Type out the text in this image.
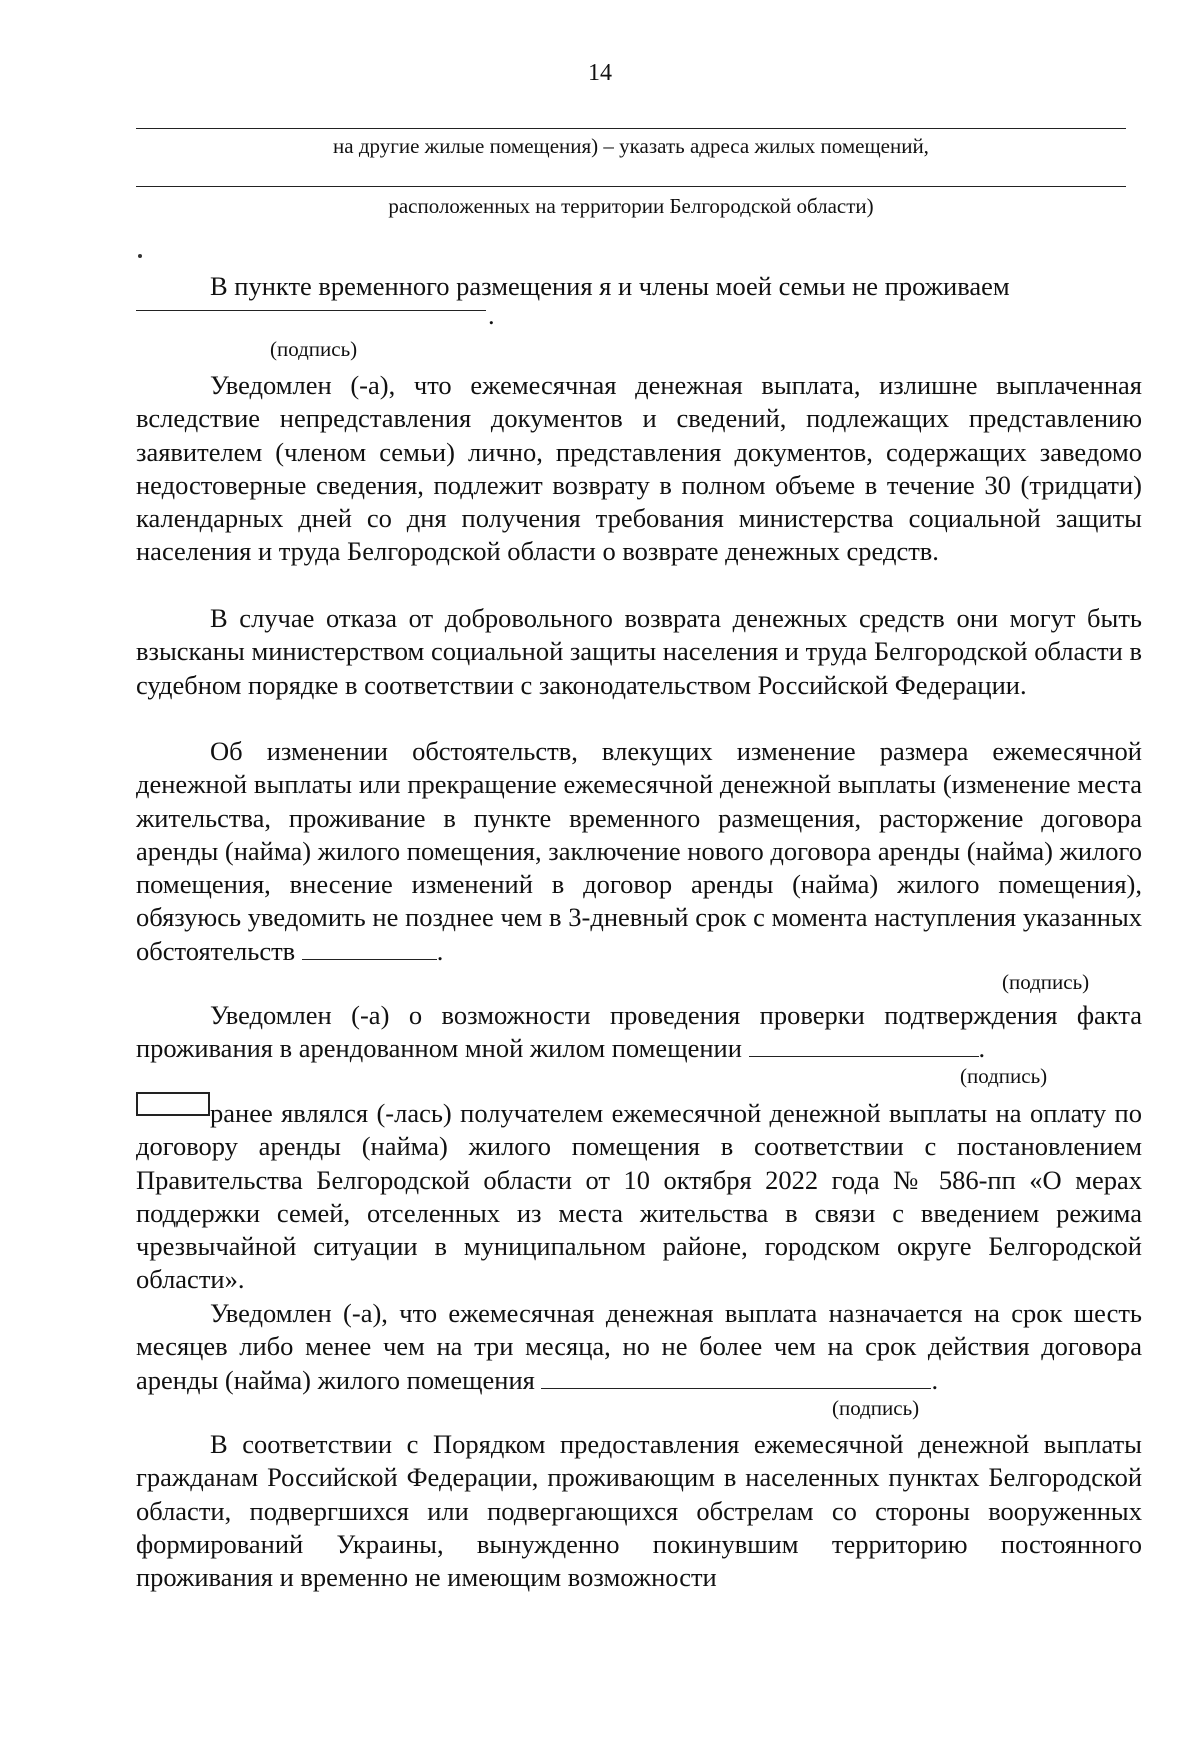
14
на другие жилые помещения) – указать адреса жилых помещений,
расположенных на территории Белгородской области)
В пункте временного размещения я и члены моей семьи не проживаем
.
(подпись)
Уведомлен (-а), что ежемесячная денежная выплата, излишне выплаченная вследствие непредставления документов и сведений, подлежащих представлению заявителем (членом семьи) лично, представления документов, содержащих заведомо недостоверные сведения, подлежит возврату в полном объеме в течение 30 (тридцати) календарных дней со дня получения требования министерства социальной защиты населения и труда Белгородской области о возврате денежных средств.
В случае отказа от добровольного возврата денежных средств они могут быть взысканы министерством социальной защиты населения и труда Белгородской области в судебном порядке в соответствии с законодательством Российской Федерации.
Об изменении обстоятельств, влекущих изменение размера ежемесячной денежной выплаты или прекращение ежемесячной денежной выплаты (изменение места жительства, проживание в пункте временного размещения, расторжение договора аренды (найма) жилого помещения, заключение нового договора аренды (найма) жилого помещения, внесение изменений в договор аренды (найма) жилого помещения), обязуюсь уведомить не позднее чем в 3-дневный срок с момента наступления указанных обстоятельств	.
(подпись)
Уведомлен (-а) о возможности проведения проверки подтверждения факта проживания в арендованном мной жилом помещении	.
(подпись)
ранее являлся (-лась) получателем ежемесячной денежной выплаты на оплату по договору аренды (найма) жилого помещения в соответствии с постановлением Правительства Белгородской области от 10 октября 2022 года № 586-пп «О мерах поддержки семей, отселенных из места жительства в связи с введением режима чрезвычайной ситуации в муниципальном районе, городском округе Белгородской области».
Уведомлен (-а), что ежемесячная денежная выплата назначается на срок шесть месяцев либо менее чем на три месяца, но не более чем на срок действия договора аренды (найма) жилого помещения	.
(подпись)
В соответствии с Порядком предоставления ежемесячной денежной выплаты гражданам Российской Федерации, проживающим в населенных пунктах Белгородской области, подвергшихся или подвергающихся обстрелам со стороны вооруженных формирований Украины, вынужденно покинувшим территорию постоянного проживания и временно не имеющим возможности
